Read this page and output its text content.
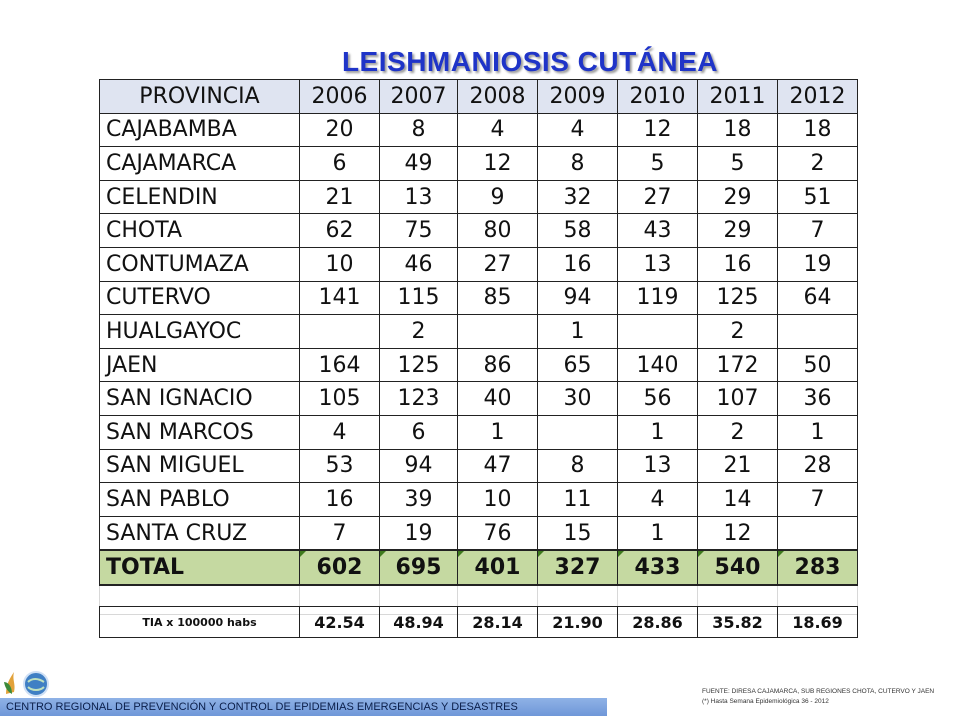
LEISHMANIOSIS CUTÁNEA
PROVINCIA	2006	2007	2008	2009	2010	2011	2012
CAJABAMBA	20	8	4	4	12	18	18
CAJAMARCA	6	49	12	8	5	5	2
CELENDIN	21	13	9	32	27	29	51
CHOTA	62	75	80	58	43	29	7
CONTUMAZA	10	46	27	16	13	16	19
CUTERVO	141	115	85	94	119	125	64
HUALGAYOC		2		1		2	
JAEN	164	125	86	65	140	172	50
SAN IGNACIO	105	123	40	30	56	107	36
SAN MARCOS	4	6	1		1	2	1
SAN MIGUEL	53	94	47	8	13	21	28
SAN PABLO	16	39	10	11	4	14	7
SANTA CRUZ	7	19	76	15	1	12	
TOTAL	602	695	401	327	433	540	283

TIA x 100000 habs	42.54	48.94	28.14	21.90	28.86	35.82	18.69
CENTRO REGIONAL DE PREVENCIÓN Y CONTROL DE EPIDEMIAS EMERGENCIAS Y DESASTRES
FUENTE: DIRESA CAJAMARCA, SUB REGIONES CHOTA, CUTERVO Y JAEN
(*) Hasta Semana Epidemiológica 36 - 2012
